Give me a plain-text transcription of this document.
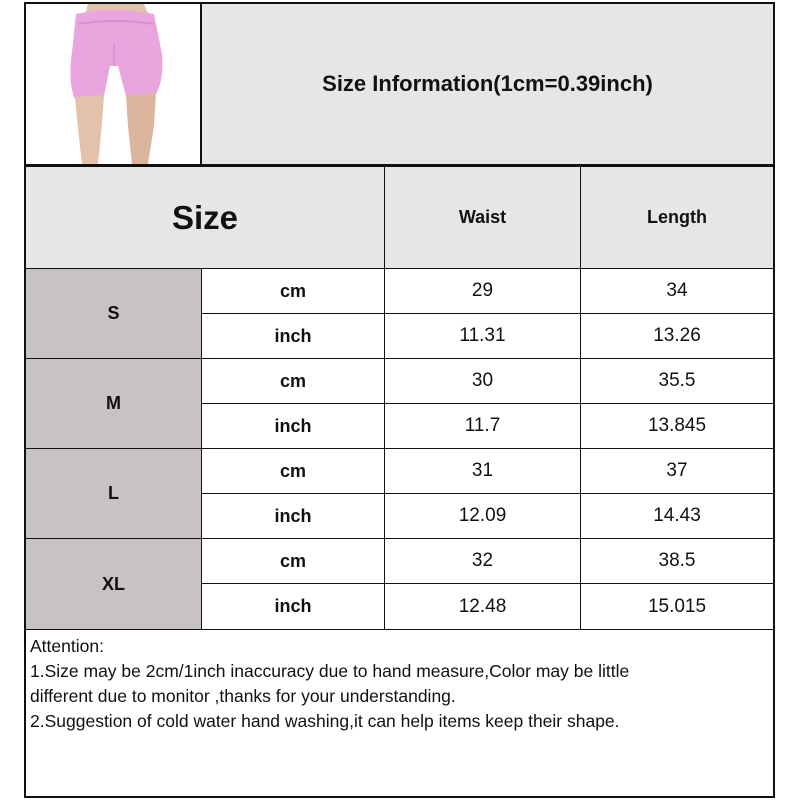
Size Information(1cm=0.39inch)
Size	Waist	Length
S
cm	29	34
inch	11.31	13.26
M
cm	30	35.5
inch	11.7	13.845
L
cm	31	37
inch	12.09	14.43
XL
cm	32	38.5
inch	12.48	15.015
Attention:
1.Size may be 2cm/1inch inaccuracy due to hand measure,Color may be little
different due to monitor ,thanks for your understanding.
2.Suggestion of cold water hand washing,it can help items keep their shape.
